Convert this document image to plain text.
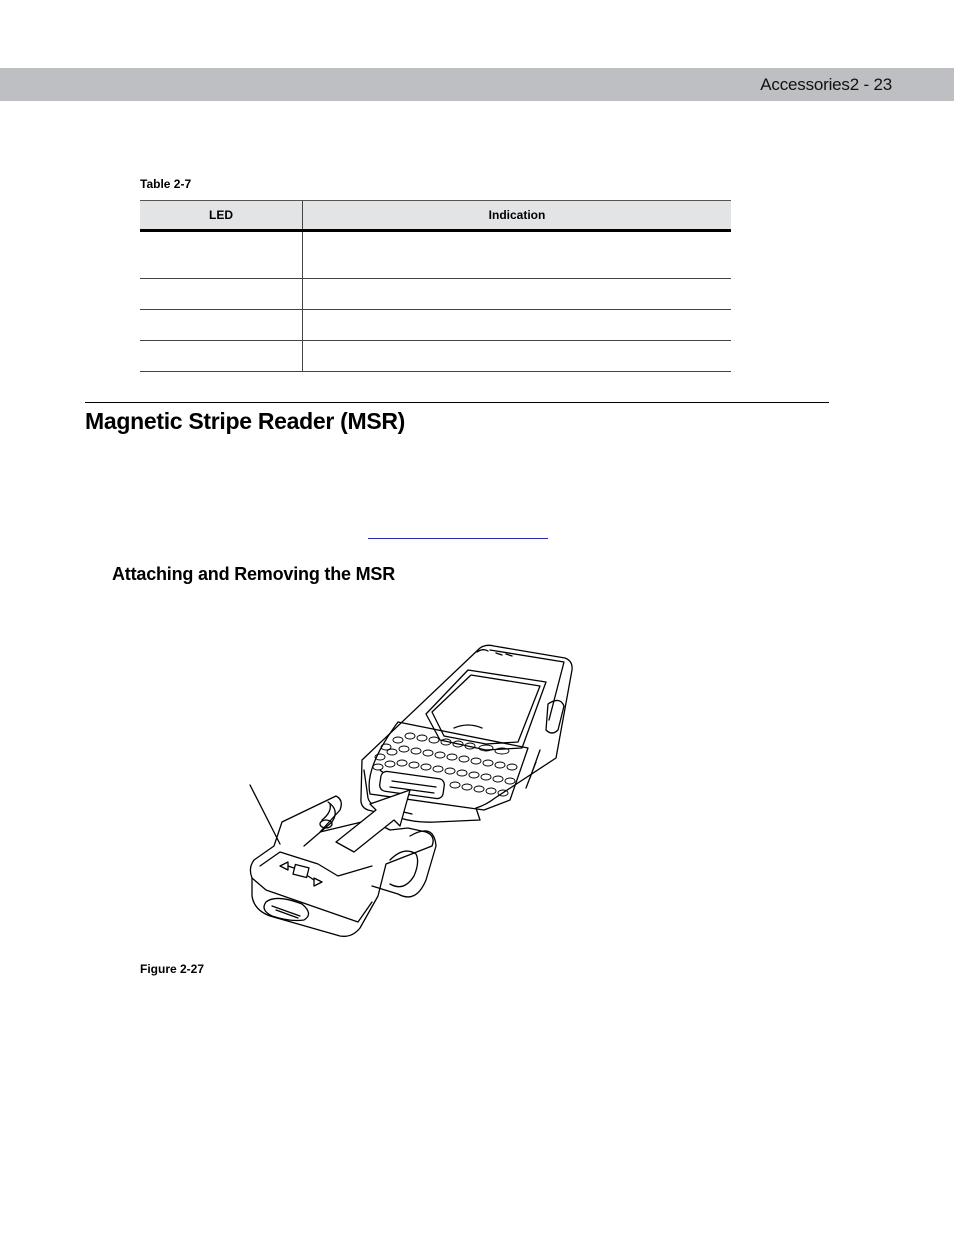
Accessories2 - 23
Table 2-7
LED	Indication

Magnetic Stripe Reader (MSR)
Attaching and Removing the MSR
Figure 2-27
